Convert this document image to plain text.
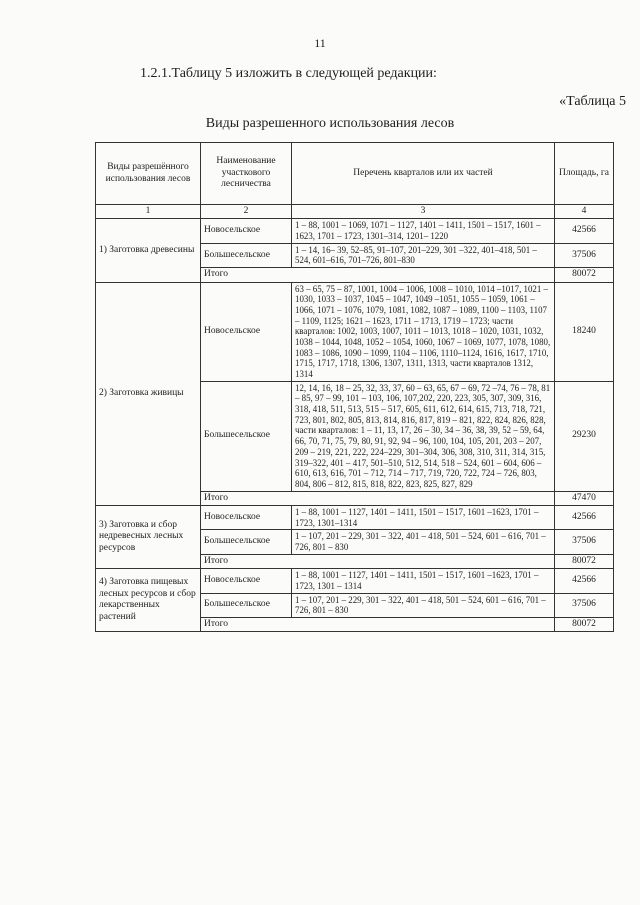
11
1.2.1.Таблицу 5 изложить в следующей редакции:
«Таблица 5
Виды разрешенного использования лесов
Виды разрешённого использования лесов	Наименование участкового лесничества	Перечень кварталов или их частей	Площадь, га
1	2	3	4
1) Заготовка древесины	Новосельское	1 – 88, 1001 – 1069, 1071 – 1127, 1401 – 1411, 1501 – 1517, 1601 –1623, 1701 – 1723, 1301–314, 1201– 1220	42566
	Большесельское	1 – 14, 16– 39, 52–85, 91–107, 201–229, 301 –322, 401–418, 501 – 524, 601–616, 701–726, 801–830	37506
	Итого		80072
2) Заготовка живицы	Новосельское	63 – 65, 75 – 87, 1001, 1004 – 1006, 1008 – 1010, 1014 –1017, 1021 – 1030, 1033 – 1037, 1045 – 1047, 1049 –1051, 1055 – 1059, 1061 – 1066, 1071 – 1076, 1079, 1081, 1082, 1087 – 1089, 1100 – 1103, 1107 – 1109, 1125; 1621 – 1623, 1711 – 1713, 1719 – 1723; части кварталов: 1002, 1003, 1007, 1011 – 1013, 1018 – 1020, 1031, 1032, 1038 – 1044, 1048, 1052 – 1054, 1060, 1067 – 1069, 1077, 1078, 1080, 1083 – 1086, 1090 – 1099, 1104 – 1106, 1110–1124, 1616, 1617, 1710, 1715, 1717, 1718, 1306, 1307, 1311, 1313, части кварталов 1312, 1314	18240
	Большесельское	12, 14, 16, 18 – 25, 32, 33, 37, 60 – 63, 65, 67 – 69, 72 –74, 76 – 78, 81 – 85, 97 – 99, 101 – 103, 106, 107,202, 220, 223, 305, 307, 309, 316, 318, 418, 511, 513, 515 – 517, 605, 611, 612, 614, 615, 713, 718, 721, 723, 801, 802, 805, 813, 814, 816, 817, 819 – 821, 822, 824, 826, 828, части кварталов: 1 – 11, 13, 17, 26 – 30, 34 – 36, 38, 39, 52 – 59, 64, 66, 70, 71, 75, 79, 80, 91, 92, 94 – 96, 100, 104, 105, 201, 203 – 207, 209 – 219, 221, 222, 224–229, 301–304, 306, 308, 310, 311, 314, 315, 319–322, 401 – 417, 501–510, 512, 514, 518 – 524, 601 – 604, 606 – 610, 613, 616, 701 – 712, 714 – 717, 719, 720, 722, 724 – 726, 803, 804, 806 – 812, 815, 818, 822, 823, 825, 827, 829	29230
	Итого		47470
3) Заготовка и сбор недревесных лесных ресурсов	Новосельское	1 – 88, 1001 – 1127, 1401 – 1411, 1501 – 1517, 1601 –1623, 1701 – 1723, 1301–1314	42566
	Большесельское	1 – 107, 201 – 229, 301 – 322, 401 – 418, 501 – 524, 601 – 616, 701 – 726, 801 – 830	37506
	Итого		80072
4) Заготовка пищевых лесных ресурсов и сбор лекарственных растений	Новосельское	1 – 88, 1001 – 1127, 1401 – 1411, 1501 – 1517, 1601 –1623, 1701 – 1723, 1301 – 1314	42566
	Большесельское	1 – 107, 201 – 229, 301 – 322, 401 – 418, 501 – 524, 601 – 616, 701 – 726, 801 – 830	37506
	Итого		80072
